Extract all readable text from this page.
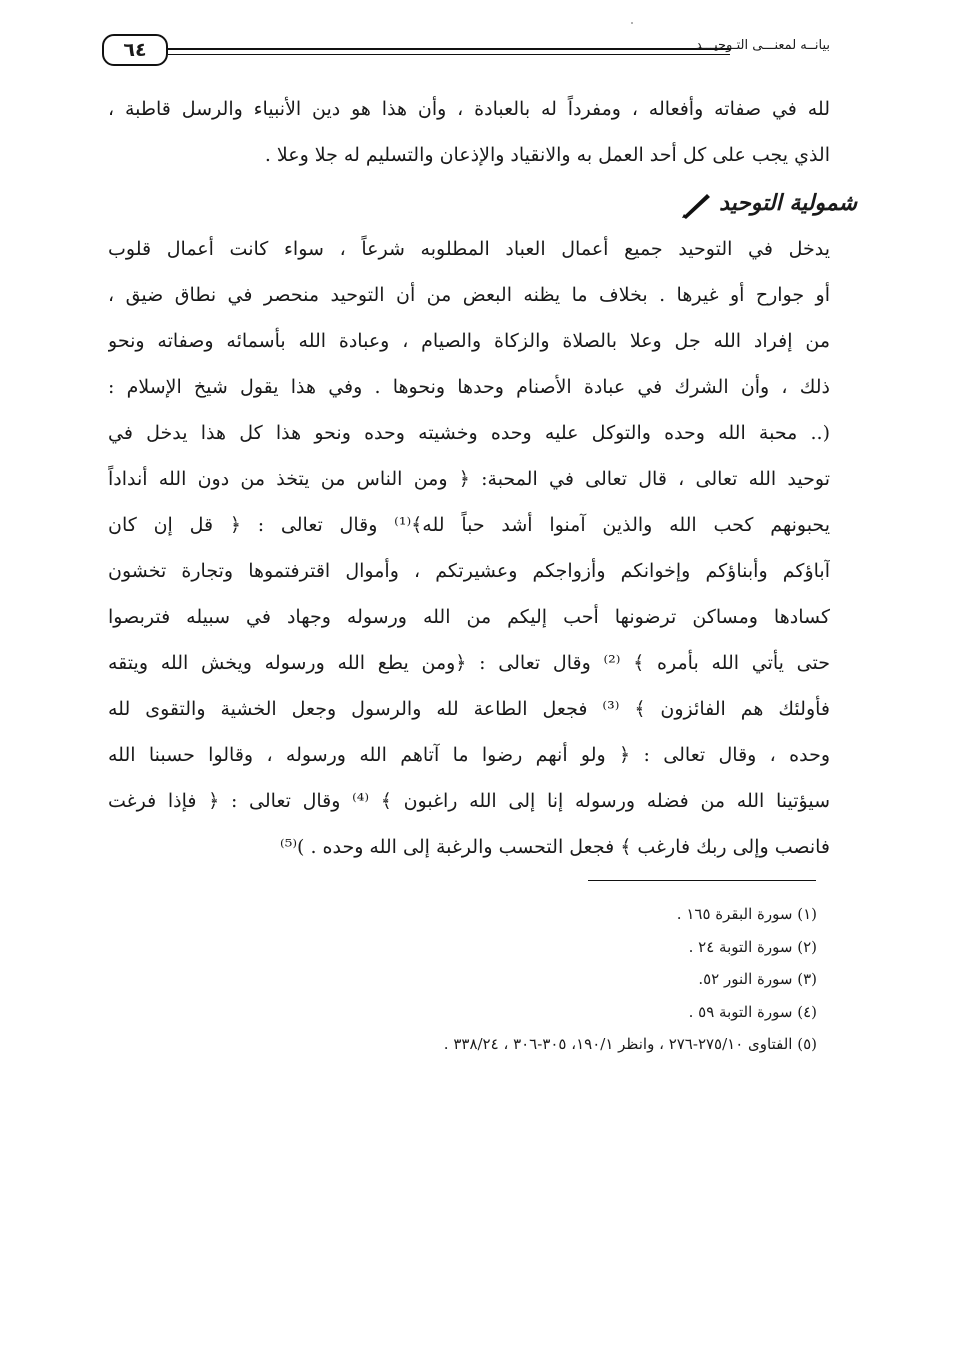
٦٤	بيانــه لمعنـــى التـوحيـــد
لله في صفاته وأفعاله ، ومفرداً له بالعبادة ، وأن هذا هو دين الأنبياء والرسل قاطبة ،
الذي يجب على كل أحد العمل به والانقياد والإذعان والتسليم له جلا وعلا .
شمولية التوحيد
يدخل في التوحيد جميع أعمال العباد المطلوبه شرعاً ، سواء كانت أعمال قلوب
أو جوارح أو غيرها . بخلاف ما يظنه البعض من أن التوحيد منحصر في نطاق ضيق ،
من إفراد الله جل وعلا بالصلاة والزكاة والصيام ، وعبادة الله بأسمائه وصفاته ونحو
ذلك ، وأن الشرك في عبادة الأصنام وحدها ونحوها . وفي هذا يقول شيخ الإسلام :
(.. محبة الله وحده والتوكل عليه وحده وخشيته وحده ونحو هذا كل هذا يدخل في
توحيد الله تعالى ، قال تعالى في المحبة: ﴿ ومن الناس من يتخذ من دون الله أنداداً
يحبونهم كحب الله والذين آمنوا أشد حباً لله﴾⁽¹⁾ وقال تعالى : ﴿ قل إن كان
آباؤكم وأبناؤكم وإخوانكم وأزواجكم وعشيرتكم ، وأموال اقترفتموها وتجارة تخشون
كسادها ومساكن ترضونها أحب إليكم من الله ورسوله وجهاد في سبيله فتربصوا
حتى يأتي الله بأمره ﴾ ⁽²⁾ وقال تعالى : ﴿ومن يطع الله ورسوله ويخش الله ويتقه
فأولئك هم الفائزون ﴾ ⁽³⁾ فجعل الطاعة لله والرسول وجعل الخشية والتقوى لله
وحده ، وقال تعالى : ﴿ ولو أنهم رضوا ما آتاهم الله ورسوله ، وقالوا حسبنا الله
سيؤتينا الله من فضله ورسوله إنا إلى الله راغبون ﴾ ⁽⁴⁾ وقال تعالى : ﴿ فإذا فرغت
فانصب وإلى ربك فارغب ﴾ فجعل التحسب والرغبة إلى الله وحده . )⁽⁵⁾
(١) سورة البقرة ١٦٥ .
(٢) سورة التوبة ٢٤ .
(٣) سورة النور ٥٢.
(٤) سورة التوبة ٥٩ .
(٥) الفتاوى ٢٧٥/١٠-٢٧٦ ، وانظر ١٩٠/١، ٣٠٥-٣٠٦ ، ٣٣٨/٢٤ .
